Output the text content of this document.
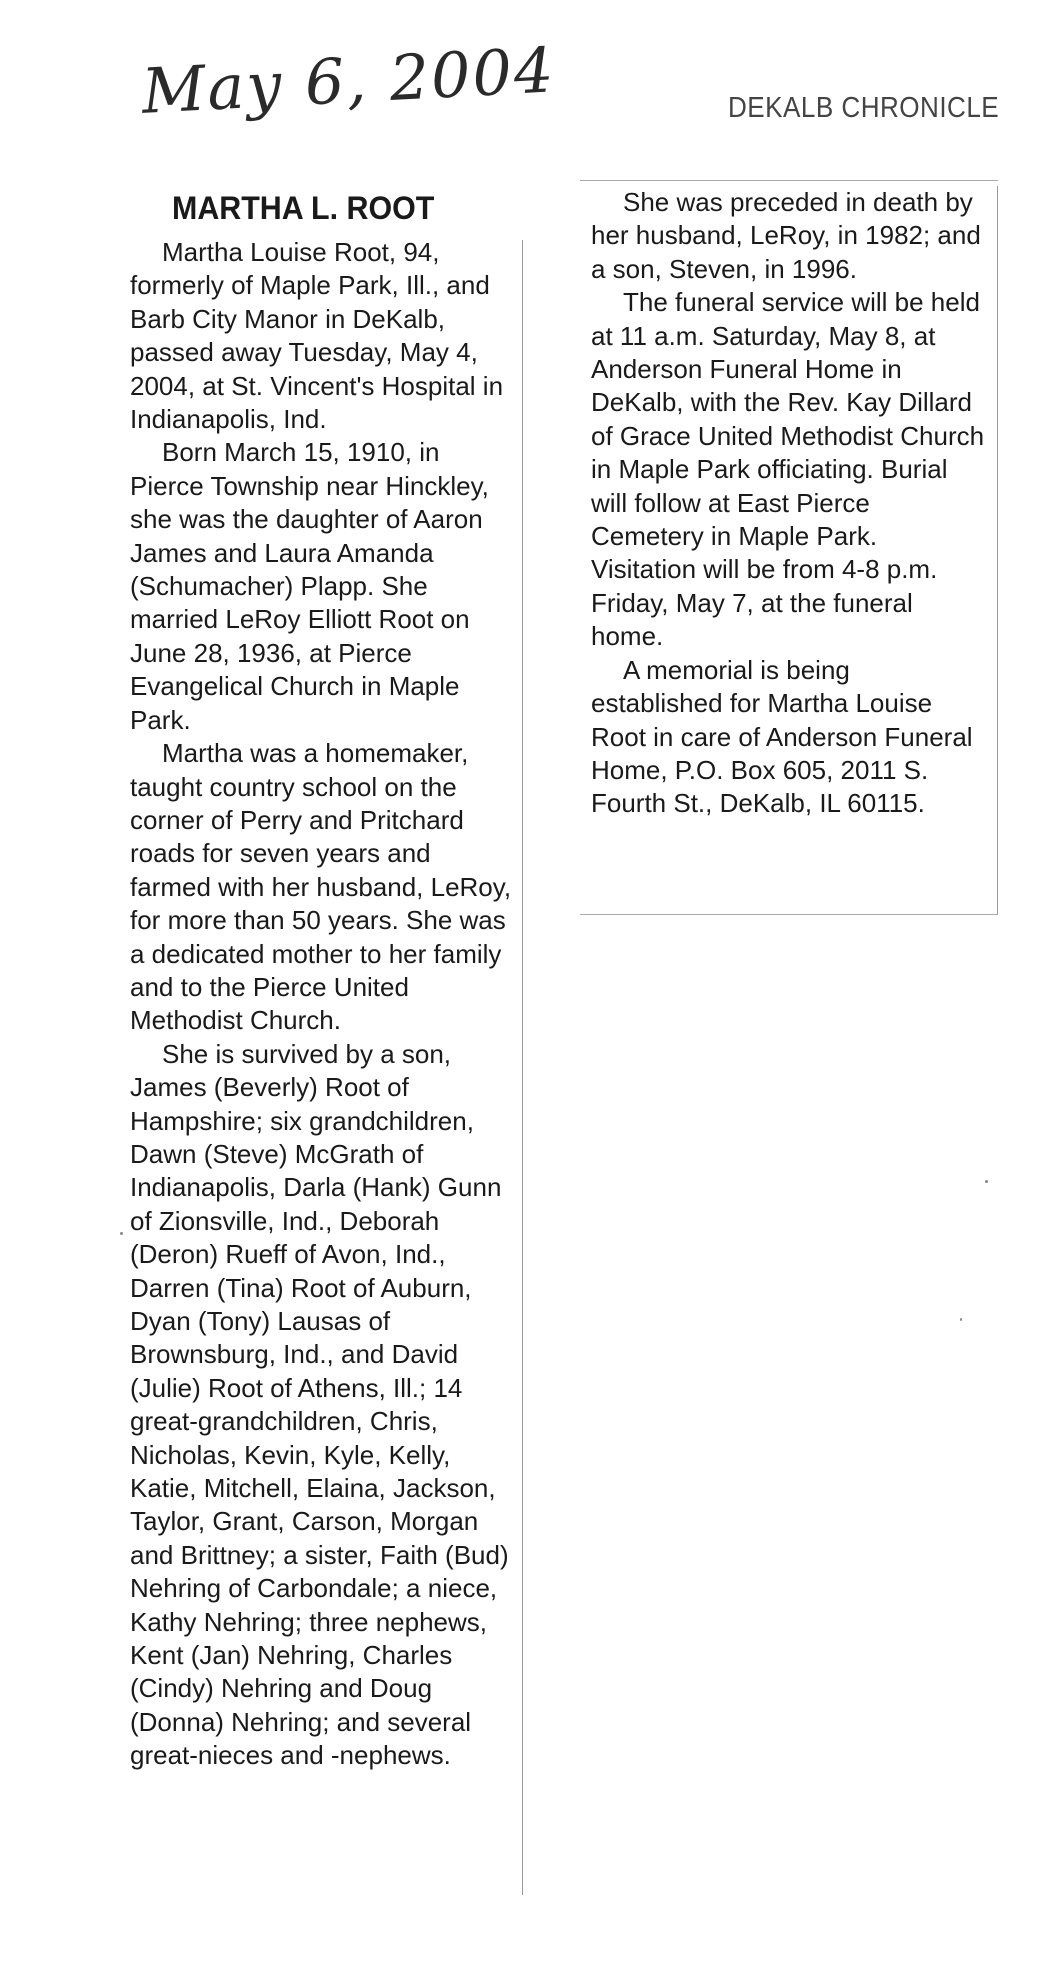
May 6, 2004	DEKALB CHRONICLE
MARTHA L. ROOT

Martha Louise Root, 94, formerly of Maple Park, Ill., and Barb City Manor in DeKalb, passed away Tuesday, May 4, 2004, at St. Vincent's Hospital in Indianapolis, Ind.

Born March 15, 1910, in Pierce Township near Hinckley, she was the daughter of Aaron James and Laura Amanda (Schumacher) Plapp. She married LeRoy Elliott Root on June 28, 1936, at Pierce Evangelical Church in Maple Park.

Martha was a homemaker, taught country school on the corner of Perry and Pritchard roads for seven years and farmed with her husband, LeRoy, for more than 50 years. She was a dedicated mother to her family and to the Pierce United Methodist Church.

She is survived by a son, James (Beverly) Root of Hampshire; six grandchildren, Dawn (Steve) McGrath of Indianapolis, Darla (Hank) Gunn of Zionsville, Ind., Deborah (Deron) Rueff of Avon, Ind., Darren (Tina) Root of Auburn, Dyan (Tony) Lausas of Brownsburg, Ind., and David (Julie) Root of Athens, Ill.; 14 great-grandchildren, Chris, Nicholas, Kevin, Kyle, Kelly, Katie, Mitchell, Elaina, Jackson, Taylor, Grant, Carson, Morgan and Brittney; a sister, Faith (Bud) Nehring of Carbondale; a niece, Kathy Nehring; three nephews, Kent (Jan) Nehring, Charles (Cindy) Nehring and Doug (Donna) Nehring; and several great-nieces and -nephews.

She was preceded in death by her husband, LeRoy, in 1982; and a son, Steven, in 1996.

The funeral service will be held at 11 a.m. Saturday, May 8, at Anderson Funeral Home in DeKalb, with the Rev. Kay Dillard of Grace United Methodist Church in Maple Park officiating. Burial will follow at East Pierce Cemetery in Maple Park. Visitation will be from 4-8 p.m. Friday, May 7, at the funeral home.

A memorial is being established for Martha Louise Root in care of Anderson Funeral Home, P.O. Box 605, 2011 S. Fourth St., DeKalb, IL 60115.
